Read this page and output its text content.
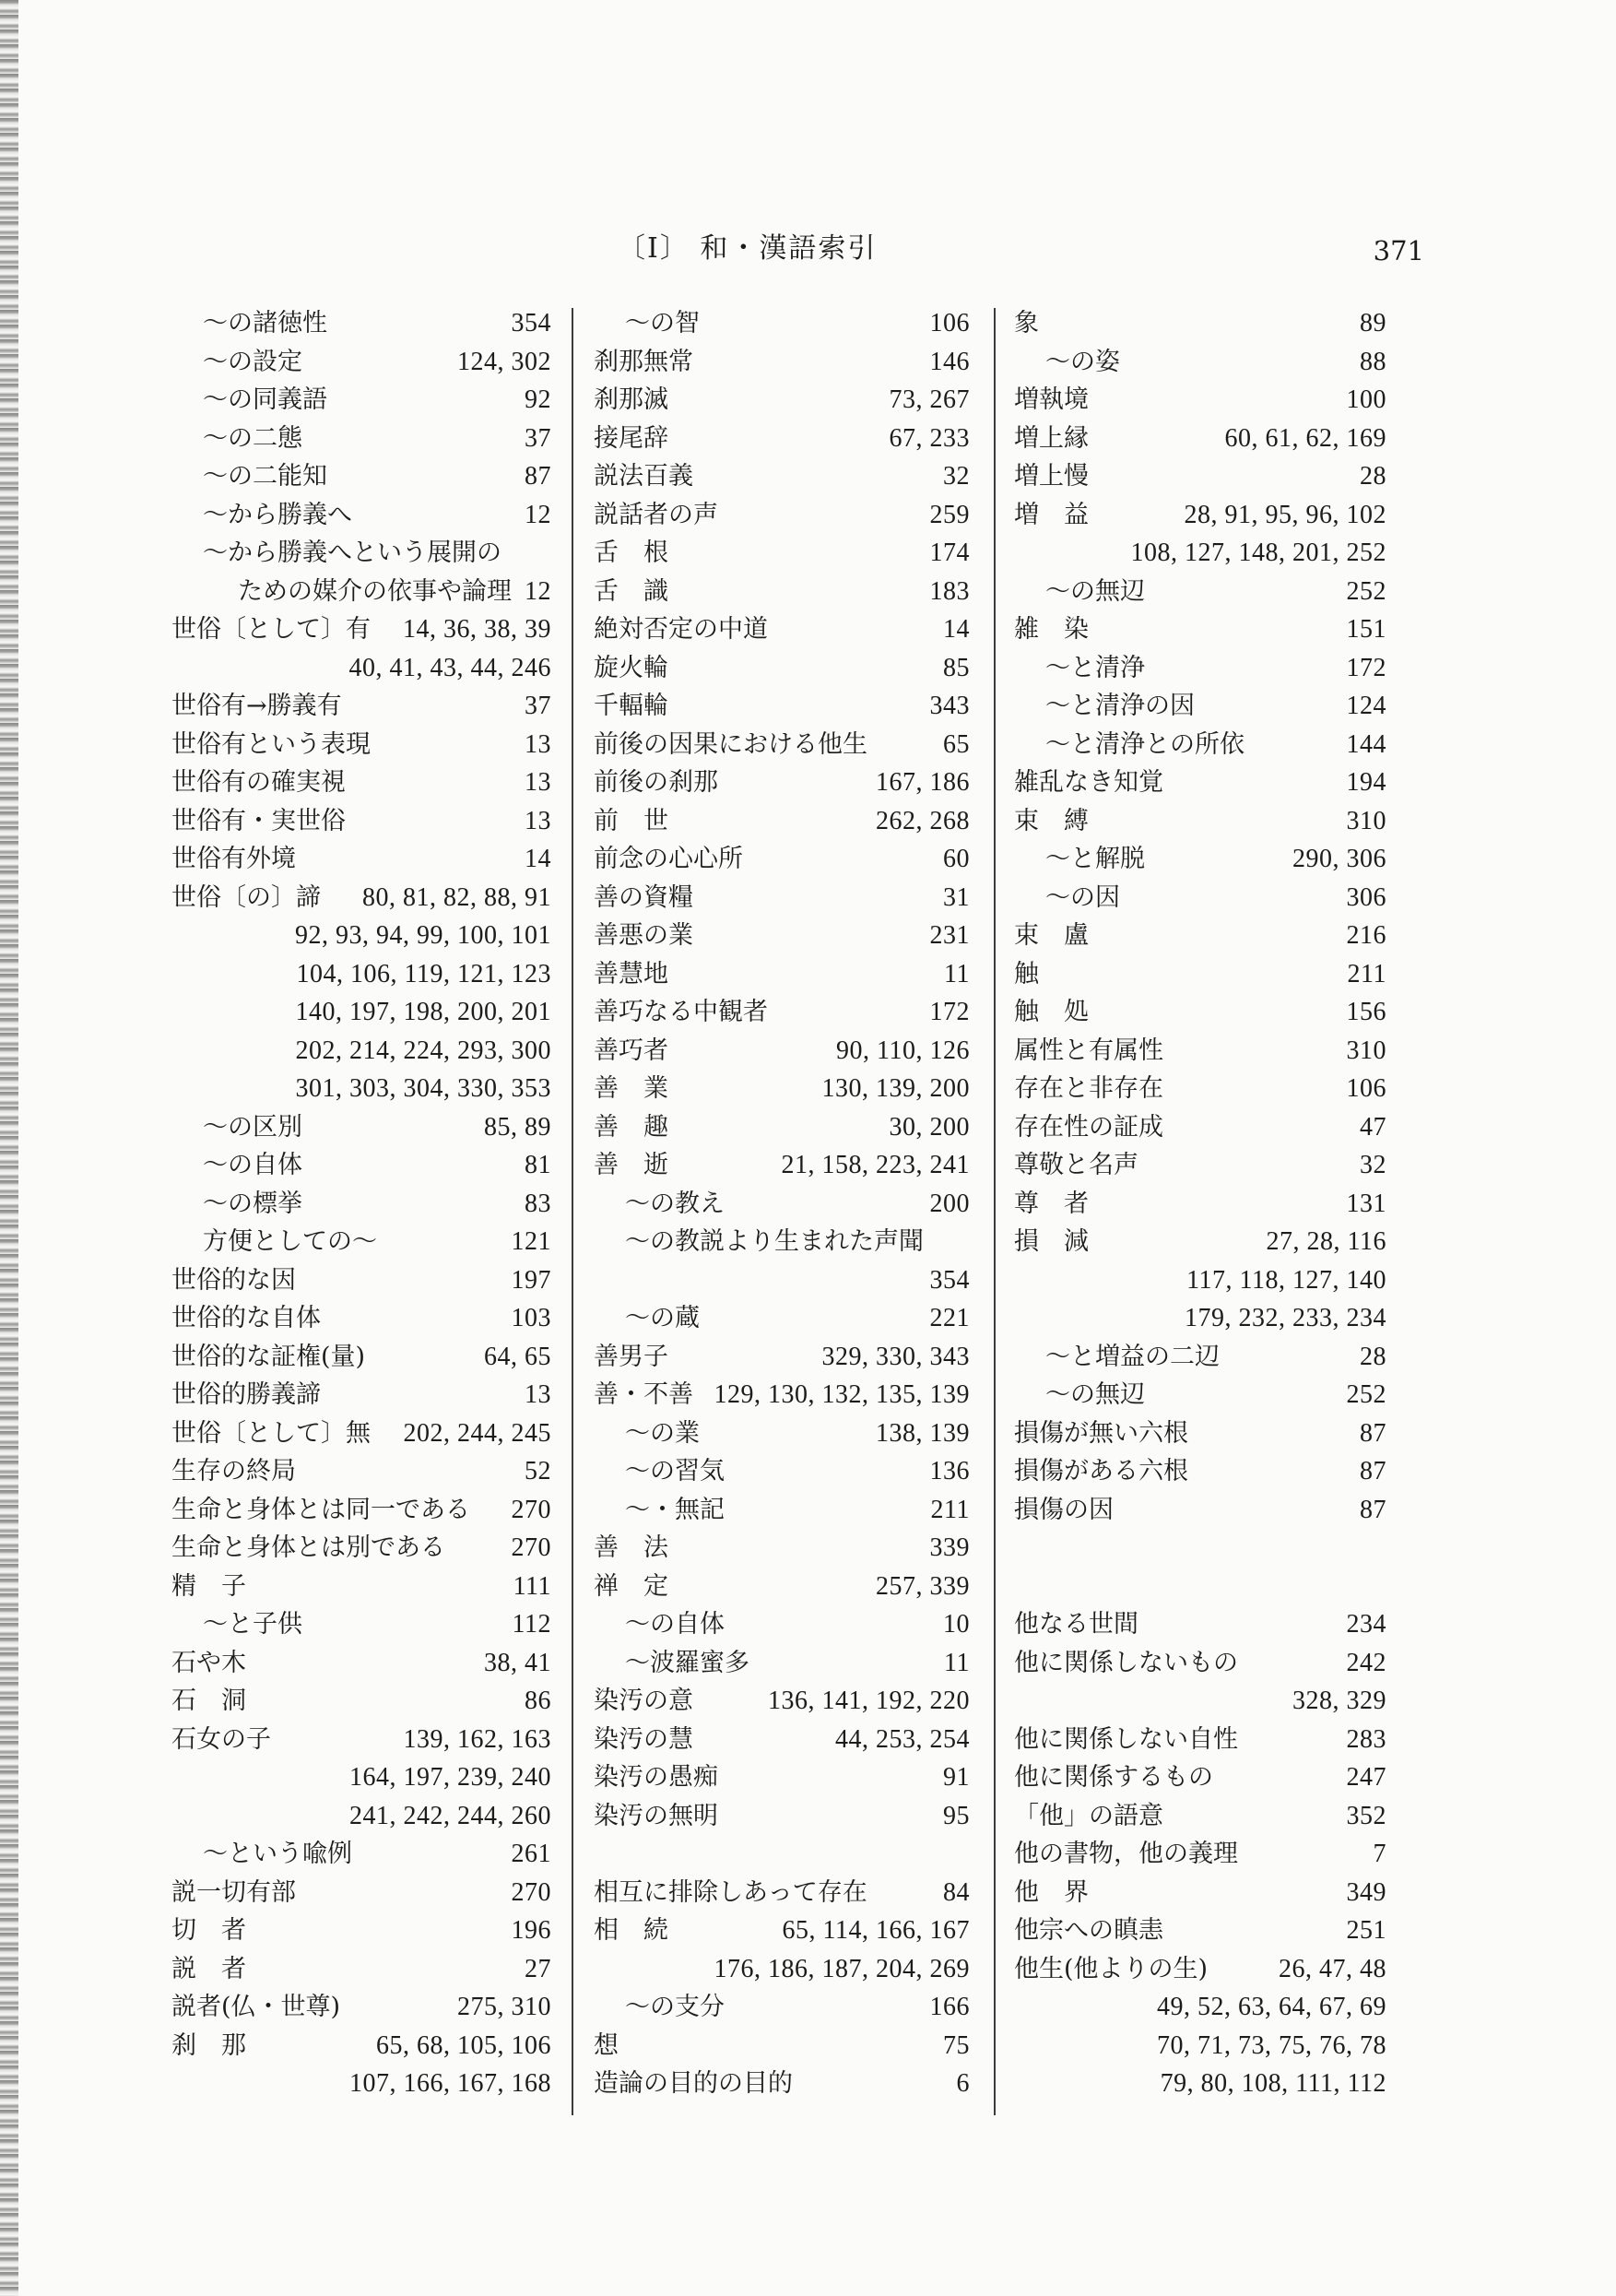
〔Ⅰ〕 和・漢語索引	371
〜の諸徳性	354
〜の設定	124, 302
〜の同義語	92
〜の二態	37
〜の二能知	87
〜から勝義へ	12
〜から勝義へという展開の
ための媒介の依事や論理 12
世俗〔として〕有 14, 36, 38, 39
40, 41, 43, 44, 246
世俗有→勝義有	37
世俗有という表現	13
世俗有の確実視	13
世俗有・実世俗	13
世俗有外境	14
世俗〔の〕諦 80, 81, 82, 88, 91
92, 93, 94, 99, 100, 101
104, 106, 119, 121, 123
140, 197, 198, 200, 201
202, 214, 224, 293, 300
301, 303, 304, 330, 353
〜の区別	85, 89
〜の自体	81
〜の標挙	83
方便としての〜	121
世俗的な因	197
世俗的な自体	103
世俗的な証権(量)	64, 65
世俗的勝義諦	13
世俗〔として〕無 202, 244, 245
生存の終局	52
生命と身体とは同一である 270
生命と身体とは別である	270
精　子	111
〜と子供	112
石や木	38, 41
石　洞	86
石女の子	139, 162, 163
164, 197, 239, 240
241, 242, 244, 260
〜という喩例	261
説一切有部	270
切　者	196
説　者	27
説者(仏・世尊)	275, 310
刹　那	65, 68, 105, 106
107, 166, 167, 168
〜の智	106
刹那無常	146
刹那滅	73, 267
接尾辞	67, 233
説法百義	32
説話者の声	259
舌　根	174
舌　識	183
絶対否定の中道	14
旋火輪	85
千輻輪	343
前後の因果における他生	65
前後の刹那	167, 186
前　世	262, 268
前念の心心所	60
善の資糧	31
善悪の業	231
善慧地	11
善巧なる中観者	172
善巧者	90, 110, 126
善　業	130, 139, 200
善　趣	30, 200
善　逝	21, 158, 223, 241
〜の教え	200
〜の教説より生まれた声聞
354
〜の蔵	221
善男子	329, 330, 343
善・不善 129, 130, 132, 135, 139
〜の業	138, 139
〜の習気	136
〜・無記	211
善　法	339
禅　定	257, 339
〜の自体	10
〜波羅蜜多	11
染汚の意	136, 141, 192, 220
染汚の慧	44, 253, 254
染汚の愚痴	91
染汚の無明	95
相互に排除しあって存在	84
相　続	65, 114, 166, 167
176, 186, 187, 204, 269
〜の支分	166
想	75
造論の目的の目的	6
象	89
〜の姿	88
増執境	100
増上縁	60, 61, 62, 169
増上慢	28
増　益	28, 91, 95, 96, 102
108, 127, 148, 201, 252
〜の無辺	252
雑　染	151
〜と清浄	172
〜と清浄の因	124
〜と清浄との所依	144
雑乱なき知覚	194
束　縛	310
〜と解脱	290, 306
〜の因	306
束　盧	216
触	211
触　処	156
属性と有属性	310
存在と非存在	106
存在性の証成	47
尊敬と名声	32
尊　者	131
損　減	27, 28, 116
117, 118, 127, 140
179, 232, 233, 234
〜と増益の二辺	28
〜の無辺	252
損傷が無い六根	87
損傷がある六根	87
損傷の因	87
他なる世間	234
他に関係しないもの	242
328, 329
他に関係しない自性	283
他に関係するもの	247
「他」の語意	352
他の書物，他の義理	7
他　界	349
他宗への瞋恚	251
他生(他よりの生)	26, 47, 48
49, 52, 63, 64, 67, 69
70, 71, 73, 75, 76, 78
79, 80, 108, 111, 112
